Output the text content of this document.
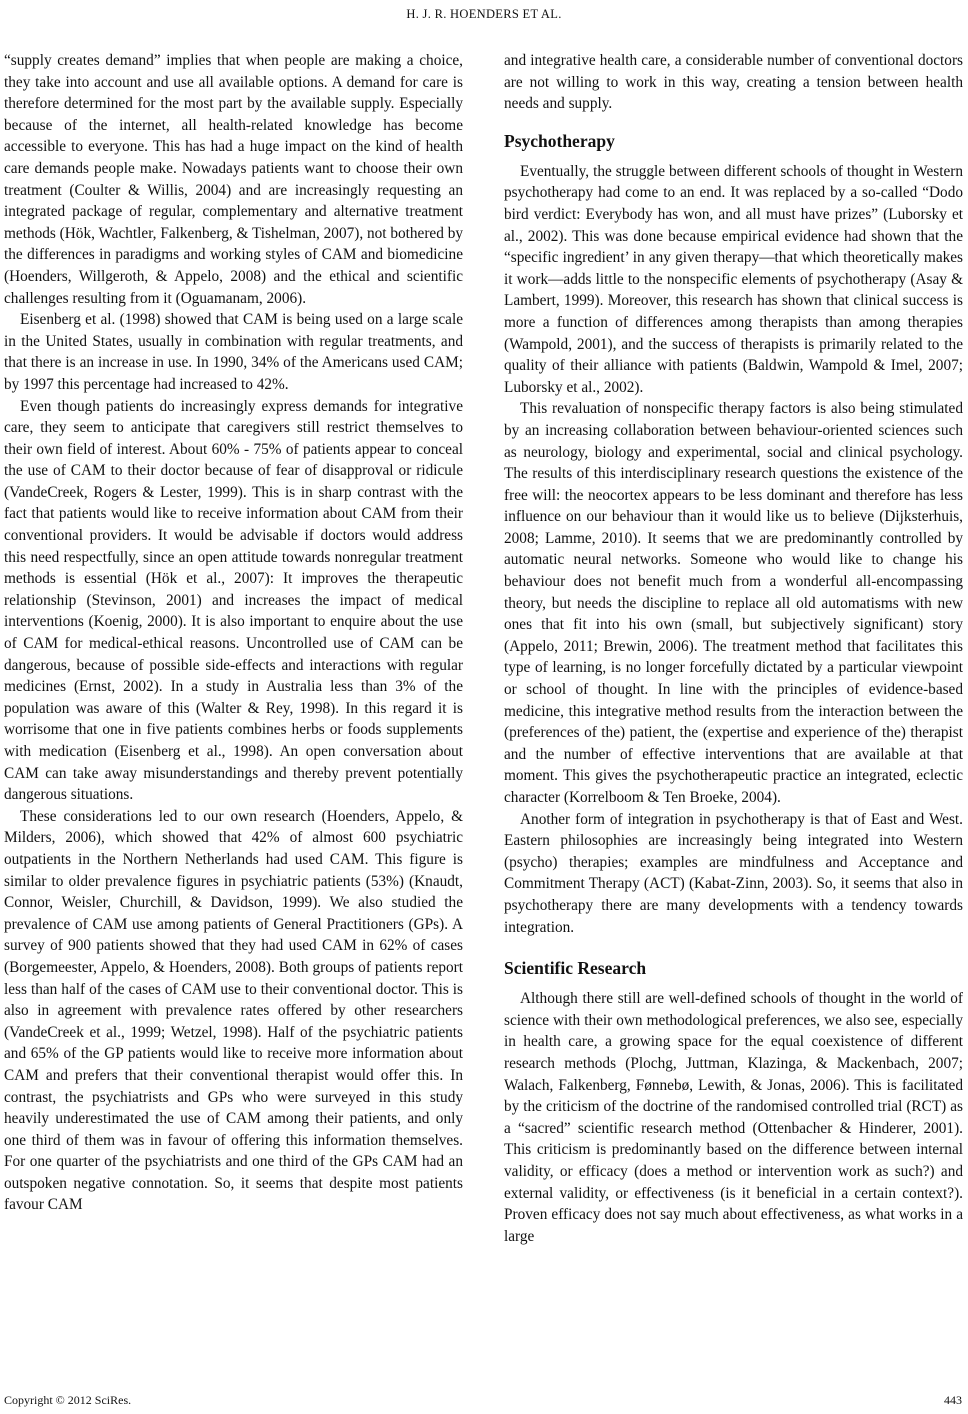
H. J. R. HOENDERS ET AL.

“supply creates demand” implies that when people are making a choice, they take into account and use all available options. A demand for care is therefore determined for the most part by the available supply. Especially because of the internet, all health-related knowledge has become accessible to everyone. This has had a huge impact on the kind of health care demands people make. Nowadays patients want to choose their own treatment (Coulter & Willis, 2004) and are increasingly requesting an integrated package of regular, complementary and alternative treatment methods (Hök, Wachtler, Falkenberg, & Tishelman, 2007), not bothered by the differences in paradigms and working styles of CAM and biomedicine (Hoenders, Willgeroth, & Appelo, 2008) and the ethical and scientific challenges resulting from it (Oguamanam, 2006).

Eisenberg et al. (1998) showed that CAM is being used on a large scale in the United States, usually in combination with regular treatments, and that there is an increase in use. In 1990, 34% of the Americans used CAM; by 1997 this percentage had increased to 42%.

Even though patients do increasingly express demands for integrative care, they seem to anticipate that caregivers still restrict themselves to their own field of interest. About 60% - 75% of patients appear to conceal the use of CAM to their doctor because of fear of disapproval or ridicule (VandeCreek, Rogers & Lester, 1999). This is in sharp contrast with the fact that patients would like to receive information about CAM from their conventional providers. It would be advisable if doctors would address this need respectfully, since an open attitude towards nonregular treatment methods is essential (Hök et al., 2007): It improves the therapeutic relationship (Stevinson, 2001) and increases the impact of medical interventions (Koenig, 2000). It is also important to enquire about the use of CAM for medical-ethical reasons. Uncontrolled use of CAM can be dangerous, because of possible side-effects and interactions with regular medicines (Ernst, 2002). In a study in Australia less than 3% of the population was aware of this (Walter & Rey, 1998). In this regard it is worrisome that one in five patients combines herbs or foods supplements with medication (Eisenberg et al., 1998). An open conversation about CAM can take away misunderstandings and thereby prevent potentially dangerous situations.

These considerations led to our own research (Hoenders, Appelo, & Milders, 2006), which showed that 42% of almost 600 psychiatric outpatients in the Northern Netherlands had used CAM. This figure is similar to older prevalence figures in psychiatric patients (53%) (Knaudt, Connor, Weisler, Churchill, & Davidson, 1999). We also studied the prevalence of CAM use among patients of General Practitioners (GPs). A survey of 900 patients showed that they had used CAM in 62% of cases (Borgemeester, Appelo, & Hoenders, 2008). Both groups of patients report less than half of the cases of CAM use to their conventional doctor. This is also in agreement with prevalence rates offered by other researchers (VandeCreek et al., 1999; Wetzel, 1998). Half of the psychiatric patients and 65% of the GP patients would like to receive more information about CAM and prefers that their conventional therapist would offer this. In contrast, the psychiatrists and GPs who were surveyed in this study heavily underestimated the use of CAM among their patients, and only one third of them was in favour of offering this information themselves. For one quarter of the psychiatrists and one third of the GPs CAM had an outspoken negative connotation. So, it seems that despite most patients favour CAM

and integrative health care, a considerable number of conventional doctors are not willing to work in this way, creating a tension between health needs and supply.

Psychotherapy

Eventually, the struggle between different schools of thought in Western psychotherapy had come to an end. It was replaced by a so-called “Dodo bird verdict: Everybody has won, and all must have prizes” (Luborsky et al., 2002). This was done because empirical evidence had shown that the “specific ingredient’ in any given therapy—that which theoretically makes it work—adds little to the nonspecific elements of psychotherapy (Asay & Lambert, 1999). Moreover, this research has shown that clinical success is more a function of differences among therapists than among therapies (Wampold, 2001), and the success of therapists is primarily related to the quality of their alliance with patients (Baldwin, Wampold & Imel, 2007; Luborsky et al., 2002).

This revaluation of nonspecific therapy factors is also being stimulated by an increasing collaboration between behaviour-oriented sciences such as neurology, biology and experimental, social and clinical psychology. The results of this interdisciplinary research questions the existence of the free will: the neocortex appears to be less dominant and therefore has less influence on our behaviour than it would like us to believe (Dijksterhuis, 2008; Lamme, 2010). It seems that we are predominantly controlled by automatic neural networks. Someone who would like to change his behaviour does not benefit much from a wonderful all-encompassing theory, but needs the discipline to replace all old automatisms with new ones that fit into his own (small, but subjectively significant) story (Appelo, 2011; Brewin, 2006). The treatment method that facilitates this type of learning, is no longer forcefully dictated by a particular viewpoint or school of thought. In line with the principles of evidence-based medicine, this integrative method results from the interaction between the (preferences of the) patient, the (expertise and experience of the) therapist and the number of effective interventions that are available at that moment. This gives the psychotherapeutic practice an integrated, eclectic character (Korrelboom & Ten Broeke, 2004).

Another form of integration in psychotherapy is that of East and West. Eastern philosophies are increasingly being integrated into Western (psycho) therapies; examples are mindfulness and Acceptance and Commitment Therapy (ACT) (Kabat-Zinn, 2003). So, it seems that also in psychotherapy there are many developments with a tendency towards integration.

Scientific Research

Although there still are well-defined schools of thought in the world of science with their own methodological preferences, we also see, especially in health care, a growing space for the equal coexistence of different research methods (Plochg, Juttman, Klazinga, & Mackenbach, 2007; Walach, Falkenberg, Fønnebø, Lewith, & Jonas, 2006). This is facilitated by the criticism of the doctrine of the randomised controlled trial (RCT) as a “sacred” scientific research method (Ottenbacher & Hinderer, 2001). This criticism is predominantly based on the difference between internal validity, or efficacy (does a method or intervention work as such?) and external validity, or effectiveness (is it beneficial in a certain context?). Proven efficacy does not say much about effectiveness, as what works in a large

Copyright © 2012 SciRes.	443
